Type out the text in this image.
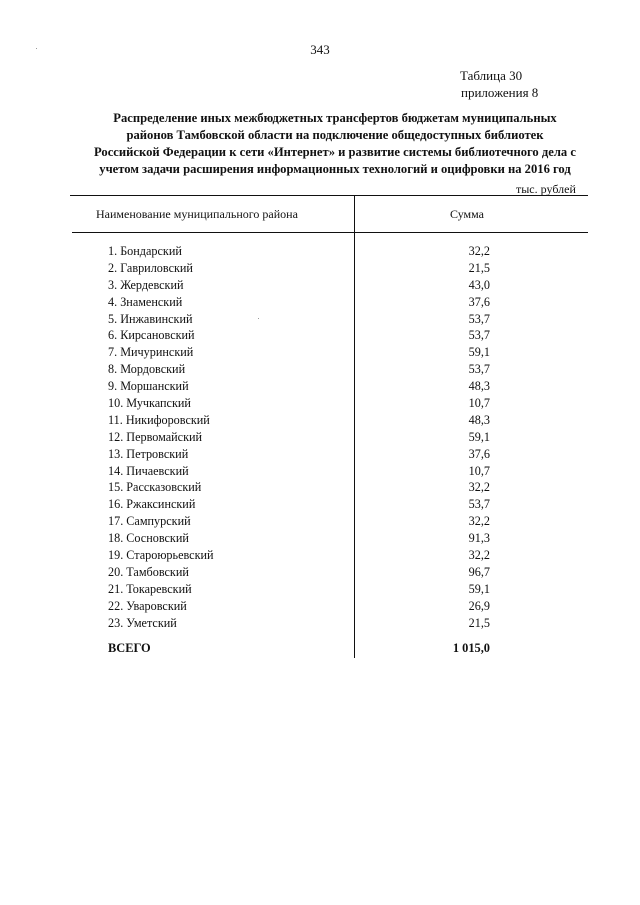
343
Таблица 30
приложения 8
Распределение иных межбюджетных трансфертов бюджетам муниципальных
районов Тамбовской области на подключение общедоступных библиотек
Российской Федерации к сети «Интернет» и развитие системы библиотечного дела с
учетом задачи расширения информационных технологий и оцифровки на 2016 год
тыс. рублей
Наименование муниципального района	Сумма
1. Бондарский	32,2
2. Гавриловский	21,5
3. Жердевский	43,0
4. Знаменский	37,6
5. Инжавинский	53,7
6. Кирсановский	53,7
7. Мичуринский	59,1
8. Мордовский	53,7
9. Моршанский	48,3
10. Мучкапский	10,7
11. Никифоровский	48,3
12. Первомайский	59,1
13. Петровский	37,6
14. Пичаевский	10,7
15. Рассказовский	32,2
16. Ржаксинский	53,7
17. Сампурский	32,2
18. Сосновский	91,3
19. Староюрьевский	32,2
20. Тамбовский	96,7
21. Токаревский	59,1
22. Уваровский	26,9
23. Уметский	21,5
ВСЕГО	1 015,0
